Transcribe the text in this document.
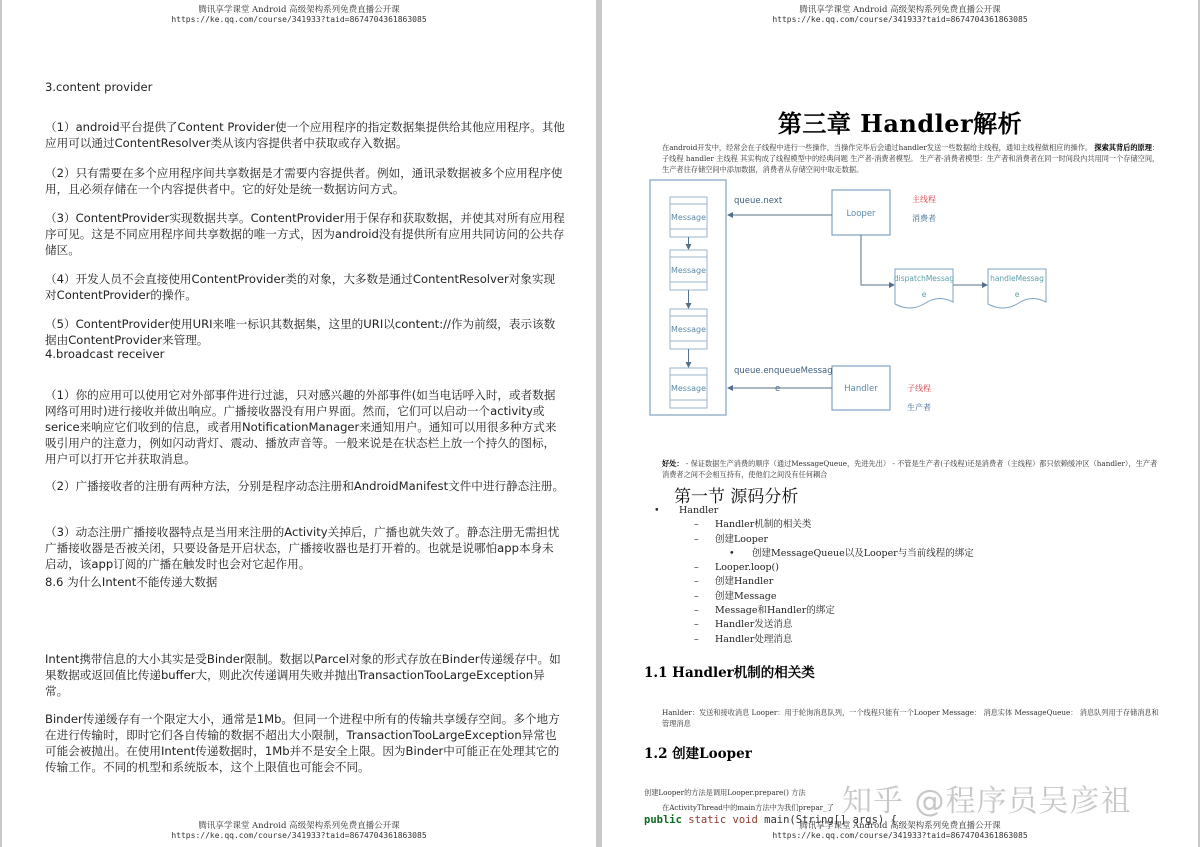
腾讯享学课堂 Android 高级架构系列免费直播公开课
https://ke.qq.com/course/341933?taid=8674704361863085
3.content provider

（1）android平台提供了Content Provider使一个应用程序的指定数据集提供给其他应用程序。其他应用可以通过ContentResolver类从该内容提供者中获取或存入数据。

（2）只有需要在多个应用程序间共享数据是才需要内容提供者。例如，通讯录数据被多个应用程序使用，且必须存储在一个内容提供者中。它的好处是统一数据访问方式。

（3）ContentProvider实现数据共享。ContentProvider用于保存和获取数据，并使其对所有应用程序可见。这是不同应用程序间共享数据的唯一方式，因为android没有提供所有应用共同访问的公共存储区。

（4）开发人员不会直接使用ContentProvider类的对象，大多数是通过ContentResolver对象实现对ContentProvider的操作。

（5）ContentProvider使用URI来唯一标识其数据集，这里的URI以content://作为前缀，表示该数据由ContentProvider来管理。

4.broadcast receiver

（1）你的应用可以使用它对外部事件进行过滤，只对感兴趣的外部事件(如当电话呼入时，或者数据网络可用时)进行接收并做出响应。广播接收器没有用户界面。然而，它们可以启动一个activity或serice来响应它们收到的信息，或者用NotificationManager来通知用户。通知可以用很多种方式来吸引用户的注意力，例如闪动背灯、震动、播放声音等。一般来说是在状态栏上放一个持久的图标，用户可以打开它并获取消息。

（2）广播接收者的注册有两种方法，分别是程序动态注册和AndroidManifest文件中进行静态注册。

（3）动态注册广播接收器特点是当用来注册的Activity关掉后，广播也就失效了。静态注册无需担忧广播接收器是否被关闭，只要设备是开启状态，广播接收器也是打开着的。也就是说哪怕app本身未启动，该app订阅的广播在触发时也会对它起作用。

8.6 为什么Intent不能传递大数据

Intent携带信息的大小其实是受Binder限制。数据以Parcel对象的形式存放在Binder传递缓存中。如果数据或返回值比传递buffer大，则此次传递调用失败并抛出TransactionTooLargeException异常。

Binder传递缓存有一个限定大小，通常是1Mb。但同一个进程中所有的传输共享缓存空间。多个地方在进行传输时，即时它们各自传输的数据不超出大小限制，TransactionTooLargeException异常也可能会被抛出。在使用Intent传递数据时，1Mb并不是安全上限。因为Binder中可能正在处理其它的传输工作。不同的机型和系统版本，这个上限值也可能会不同。

腾讯享学课堂 Android 高级架构系列免费直播公开课
https://ke.qq.com/course/341933?taid=8674704361863085
腾讯享学课堂 Android 高级架构系列免费直播公开课
https://ke.qq.com/course/341933?taid=8674704361863085
第三章 Handler解析
在android开发中，经常会在子线程中进行一些操作，当操作完毕后会通过handler发送一些数据给主线程，通知主线程做相应的操作。 探索其背后的原理：子线程 handler 主线程 其实构成了线程模型中的经典问题 生产者-消费者模型。 生产者-消费者模型：生产者和消费者在同一时间段内共用同一个存储空间，生产者往存储空间中添加数据，消费者从存储空间中取走数据。
Message
Message
Message
Message
Looper
queue.next	主线程
消费者
dispatchMessag
e
handleMessag
e
Handler
queue.enqueueMessag
e	子线程
生产者
好处： - 保证数据生产消费的顺序（通过MessageQueue，先进先出） - 不管是生产者(子线程)还是消费者（主线程）都只依赖缓冲区（handler），生产者消费者之间不会相互持有，使他们之间没有任何耦合
第一节 源码分析
• Handler
– Handler机制的相关类
– 创建Looper
• 创建MessageQueue以及Looper与当前线程的绑定
– Looper.loop()
– 创建Handler
– 创建Message
– Message和Handler的绑定
– Handler发送消息
– Handler处理消息
1.1 Handler机制的相关类
Hanlder：发送和接收消息 Looper：用于轮询消息队列，一个线程只能有一个Looper Message： 消息实体 MessageQueue： 消息队列用于存储消息和管理消息
1.2 创建Looper
创建Looper的方法是调用Looper.prepare() 方法
在ActivityThread中的main方法中为我们prepar_了
public static void main(String[] args) {
腾讯享学课堂 Android 高级架构系列免费直播公开课
https://ke.qq.com/course/341933?taid=8674704361863085
知乎 @程序员吴彦祖
